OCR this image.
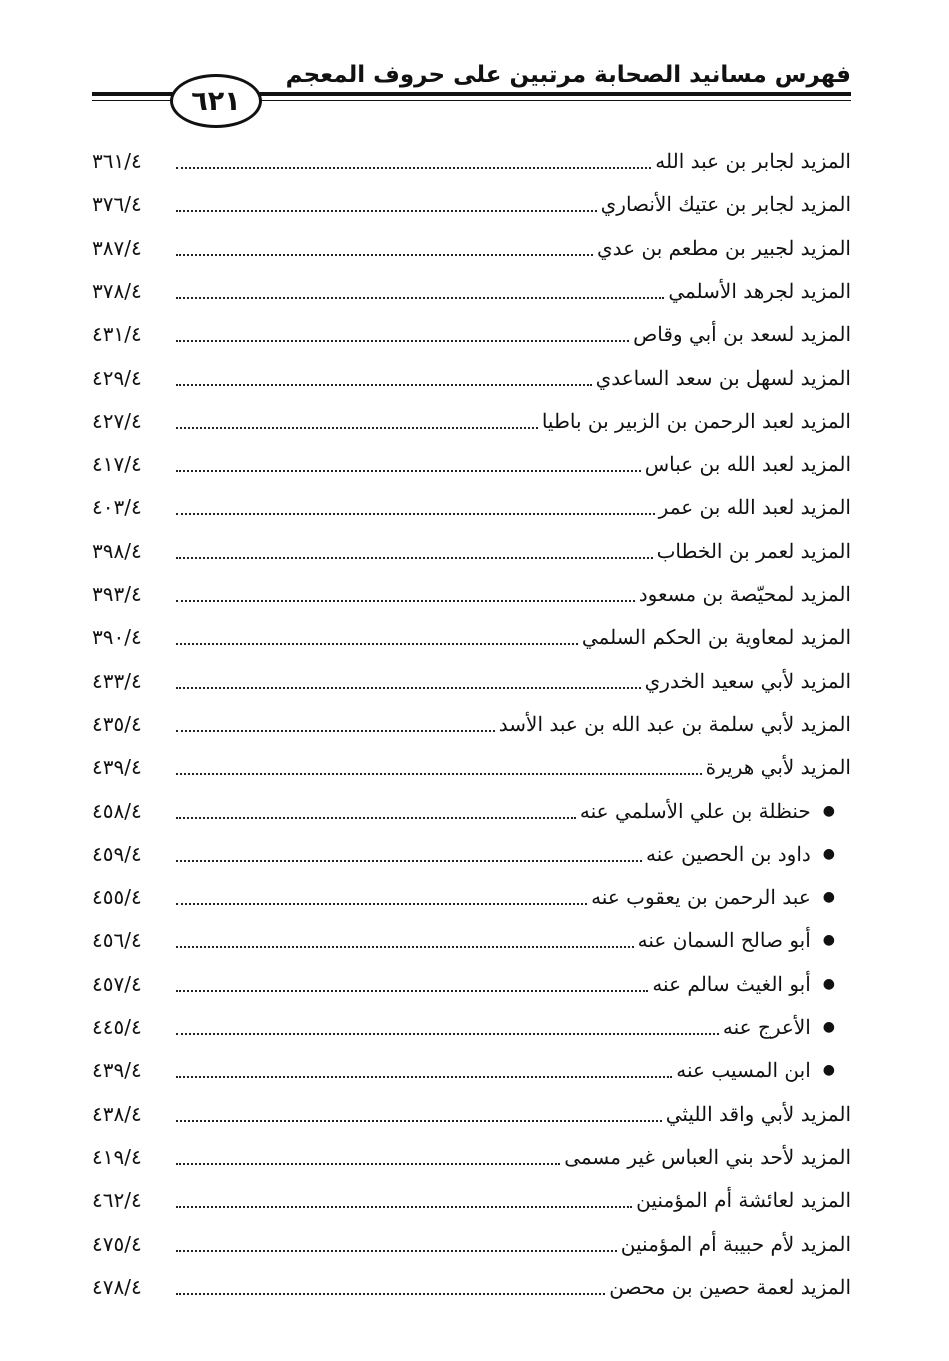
فهرس مسانيد الصحابة مرتبين على حروف المعجم
٦٢١
المزيد لجابر بن عبد الله
٣٦١/٤
المزيد لجابر بن عتيك الأنصاري
٣٧٦/٤
المزيد لجبير بن مطعم بن عدي
٣٨٧/٤
المزيد لجرهد الأسلمي
٣٧٨/٤
المزيد لسعد بن أبي وقاص
٤٣١/٤
المزيد لسهل بن سعد الساعدي
٤٢٩/٤
المزيد لعبد الرحمن بن الزبير بن باطيا
٤٢٧/٤
المزيد لعبد الله بن عباس
٤١٧/٤
المزيد لعبد الله بن عمر
٤٠٣/٤
المزيد لعمر بن الخطاب
٣٩٨/٤
المزيد لمحيّصة بن مسعود
٣٩٣/٤
المزيد لمعاوية بن الحكم السلمي
٣٩٠/٤
المزيد لأبي سعيد الخدري
٤٣٣/٤
المزيد لأبي سلمة بن عبد الله بن عبد الأسد
٤٣٥/٤
المزيد لأبي هريرة
٤٣٩/٤
●
حنظلة بن علي الأسلمي عنه
٤٥٨/٤
●
داود بن الحصين عنه
٤٥٩/٤
●
عبد الرحمن بن يعقوب عنه
٤٥٥/٤
●
أبو صالح السمان عنه
٤٥٦/٤
●
أبو الغيث سالم عنه
٤٥٧/٤
●
الأعرج عنه
٤٤٥/٤
●
ابن المسيب عنه
٤٣٩/٤
المزيد لأبي واقد الليثي
٤٣٨/٤
المزيد لأحد بني العباس غير مسمى
٤١٩/٤
المزيد لعائشة أم المؤمنين
٤٦٢/٤
المزيد لأم حبيبة أم المؤمنين
٤٧٥/٤
المزيد لعمة حصين بن محصن
٤٧٨/٤
